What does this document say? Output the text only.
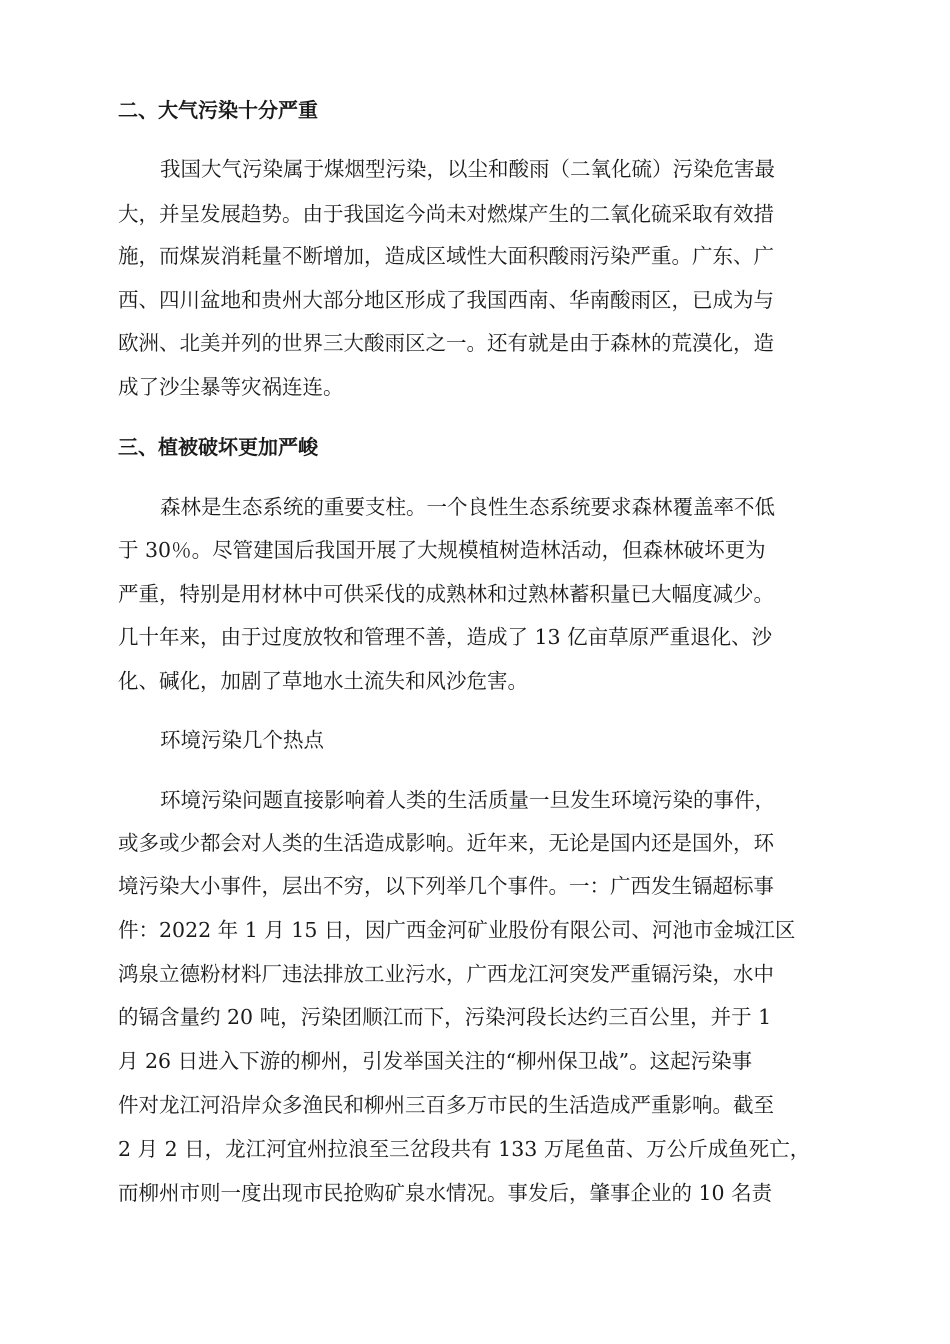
二、大气污染十分严重

我国大气污染属于煤烟型污染，以尘和酸雨（二氧化硫）污染危害最

大，并呈发展趋势。由于我国迄今尚未对燃煤产生的二氧化硫采取有效措

施，而煤炭消耗量不断增加，造成区域性大面积酸雨污染严重。广东、广

西、四川盆地和贵州大部分地区形成了我国西南、华南酸雨区，已成为与

欧洲、北美并列的世界三大酸雨区之一。还有就是由于森林的荒漠化，造

成了沙尘暴等灾祸连连。

三、植被破坏更加严峻

森林是生态系统的重要支柱。一个良性生态系统要求森林覆盖率不低

于 30％。尽管建国后我国开展了大规模植树造林活动，但森林破坏更为

严重，特别是用材林中可供采伐的成熟林和过熟林蓄积量已大幅度减少。

几十年来，由于过度放牧和管理不善，造成了 13 亿亩草原严重退化、沙

化、碱化，加剧了草地水土流失和风沙危害。

环境污染几个热点

环境污染问题直接影响着人类的生活质量一旦发生环境污染的事件，

或多或少都会对人类的生活造成影响。近年来，无论是国内还是国外，环

境污染大小事件，层出不穷，以下列举几个事件。一：广西发生镉超标事

件：2022 年 1 月 15 日，因广西金河矿业股份有限公司、河池市金城江区

鸿泉立德粉材料厂违法排放工业污水，广西龙江河突发严重镉污染，水中

的镉含量约 20 吨，污染团顺江而下，污染河段长达约三百公里，并于 1

月 26 日进入下游的柳州，引发举国关注的“柳州保卫战”。这起污染事

件对龙江河沿岸众多渔民和柳州三百多万市民的生活造成严重影响。截至

2 月 2 日，龙江河宜州拉浪至三岔段共有 133 万尾鱼苗、万公斤成鱼死亡，

而柳州市则一度出现市民抢购矿泉水情况。事发后，肇事企业的 10 名责
